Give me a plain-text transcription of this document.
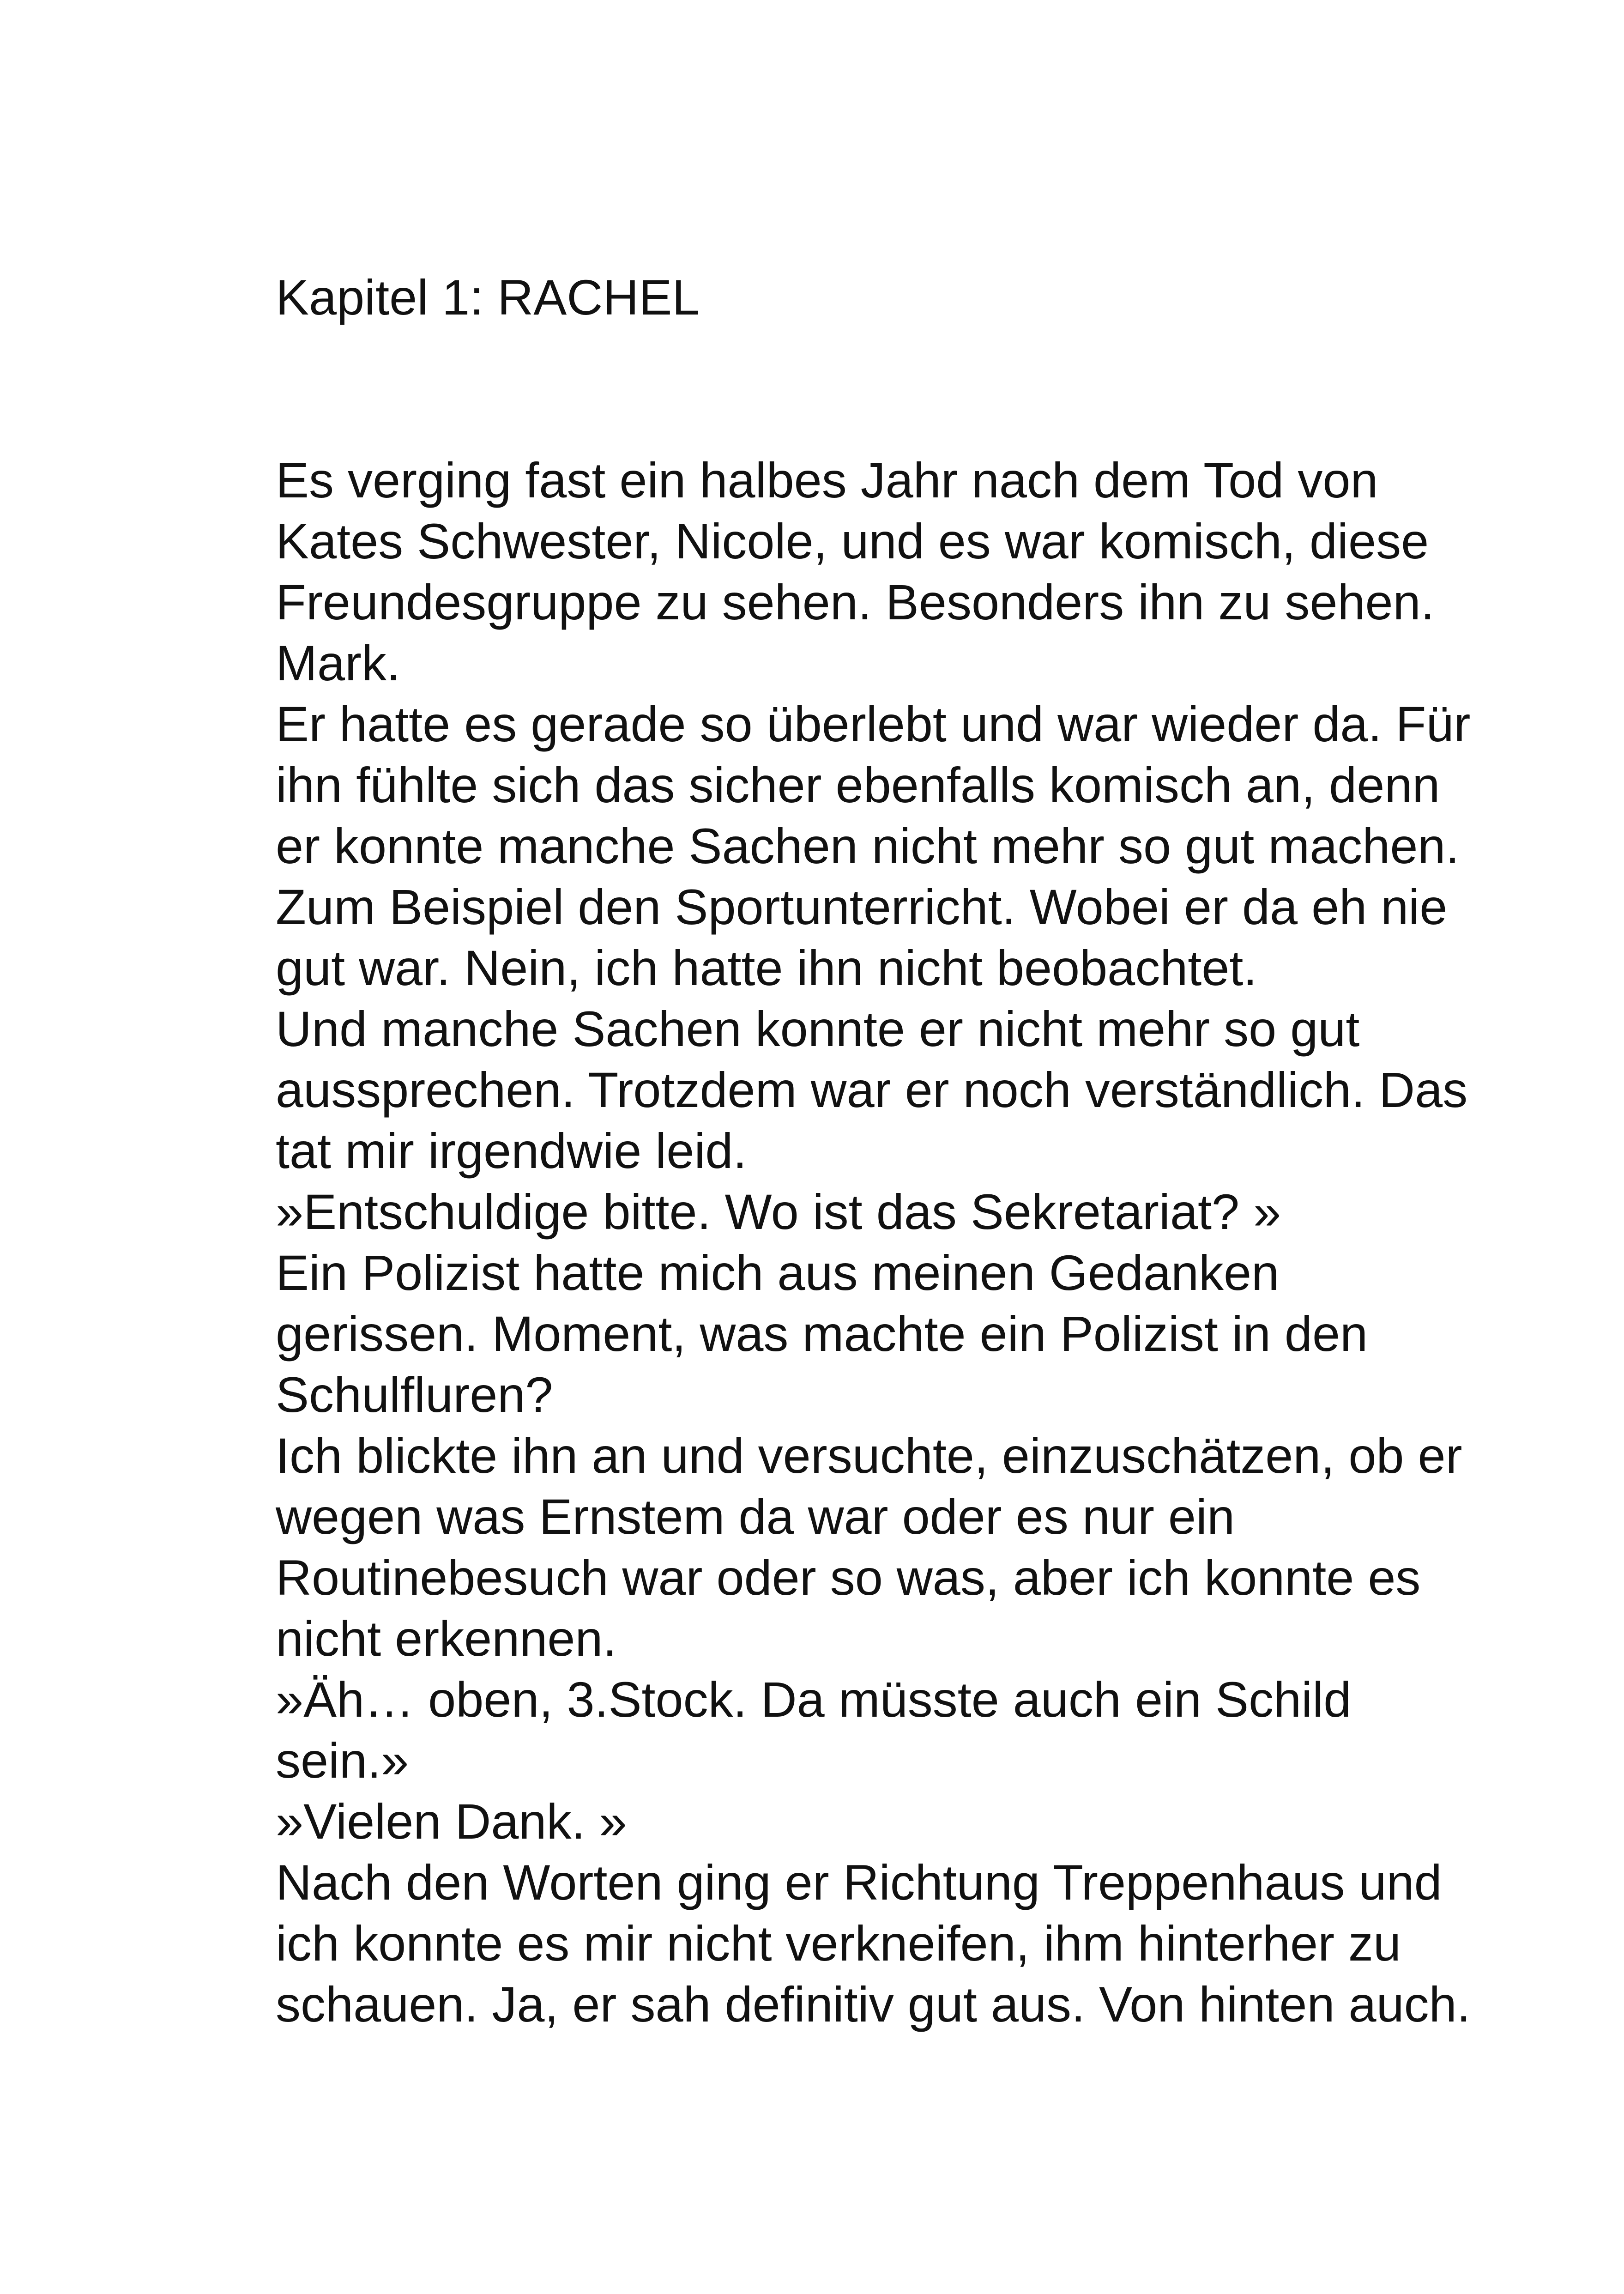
Kapitel 1: RACHEL
Es verging fast ein halbes Jahr nach dem Tod von
Kates Schwester, Nicole, und es war komisch, diese
Freundesgruppe zu sehen. Besonders ihn zu sehen.
Mark.
Er hatte es gerade so überlebt und war wieder da. Für
ihn fühlte sich das sicher ebenfalls komisch an, denn
er konnte manche Sachen nicht mehr so gut machen.
Zum Beispiel den Sportunterricht. Wobei er da eh nie
gut war. Nein, ich hatte ihn nicht beobachtet.
Und manche Sachen konnte er nicht mehr so gut
aussprechen. Trotzdem war er noch verständlich. Das
tat mir irgendwie leid.
»Entschuldige bitte. Wo ist das Sekretariat? »
Ein Polizist hatte mich aus meinen Gedanken
gerissen. Moment, was machte ein Polizist in den
Schulfluren?
Ich blickte ihn an und versuchte, einzuschätzen, ob er
wegen was Ernstem da war oder es nur ein
Routinebesuch war oder so was, aber ich konnte es
nicht erkennen.
»Äh… oben, 3.Stock. Da müsste auch ein Schild
sein.»
»Vielen Dank. »
Nach den Worten ging er Richtung Treppenhaus und
ich konnte es mir nicht verkneifen, ihm hinterher zu
schauen. Ja, er sah definitiv gut aus. Von hinten auch.
